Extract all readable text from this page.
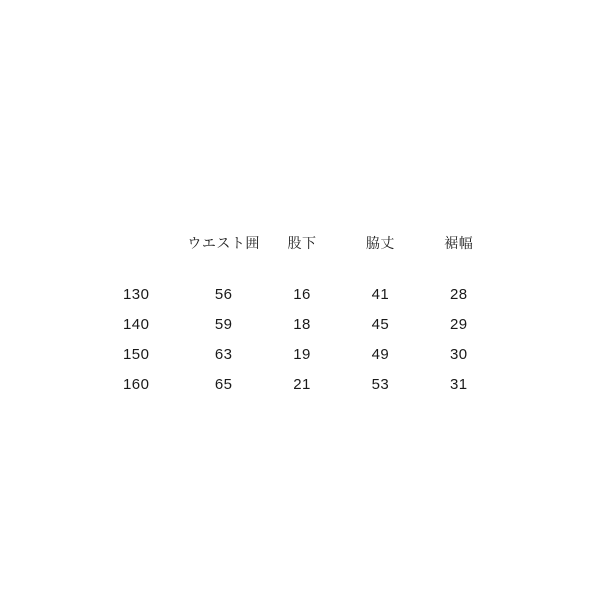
	ウエスト囲	股下	脇丈	裾幅
130	56	16	41	28
140	59	18	45	29
150	63	19	49	30
160	65	21	53	31
